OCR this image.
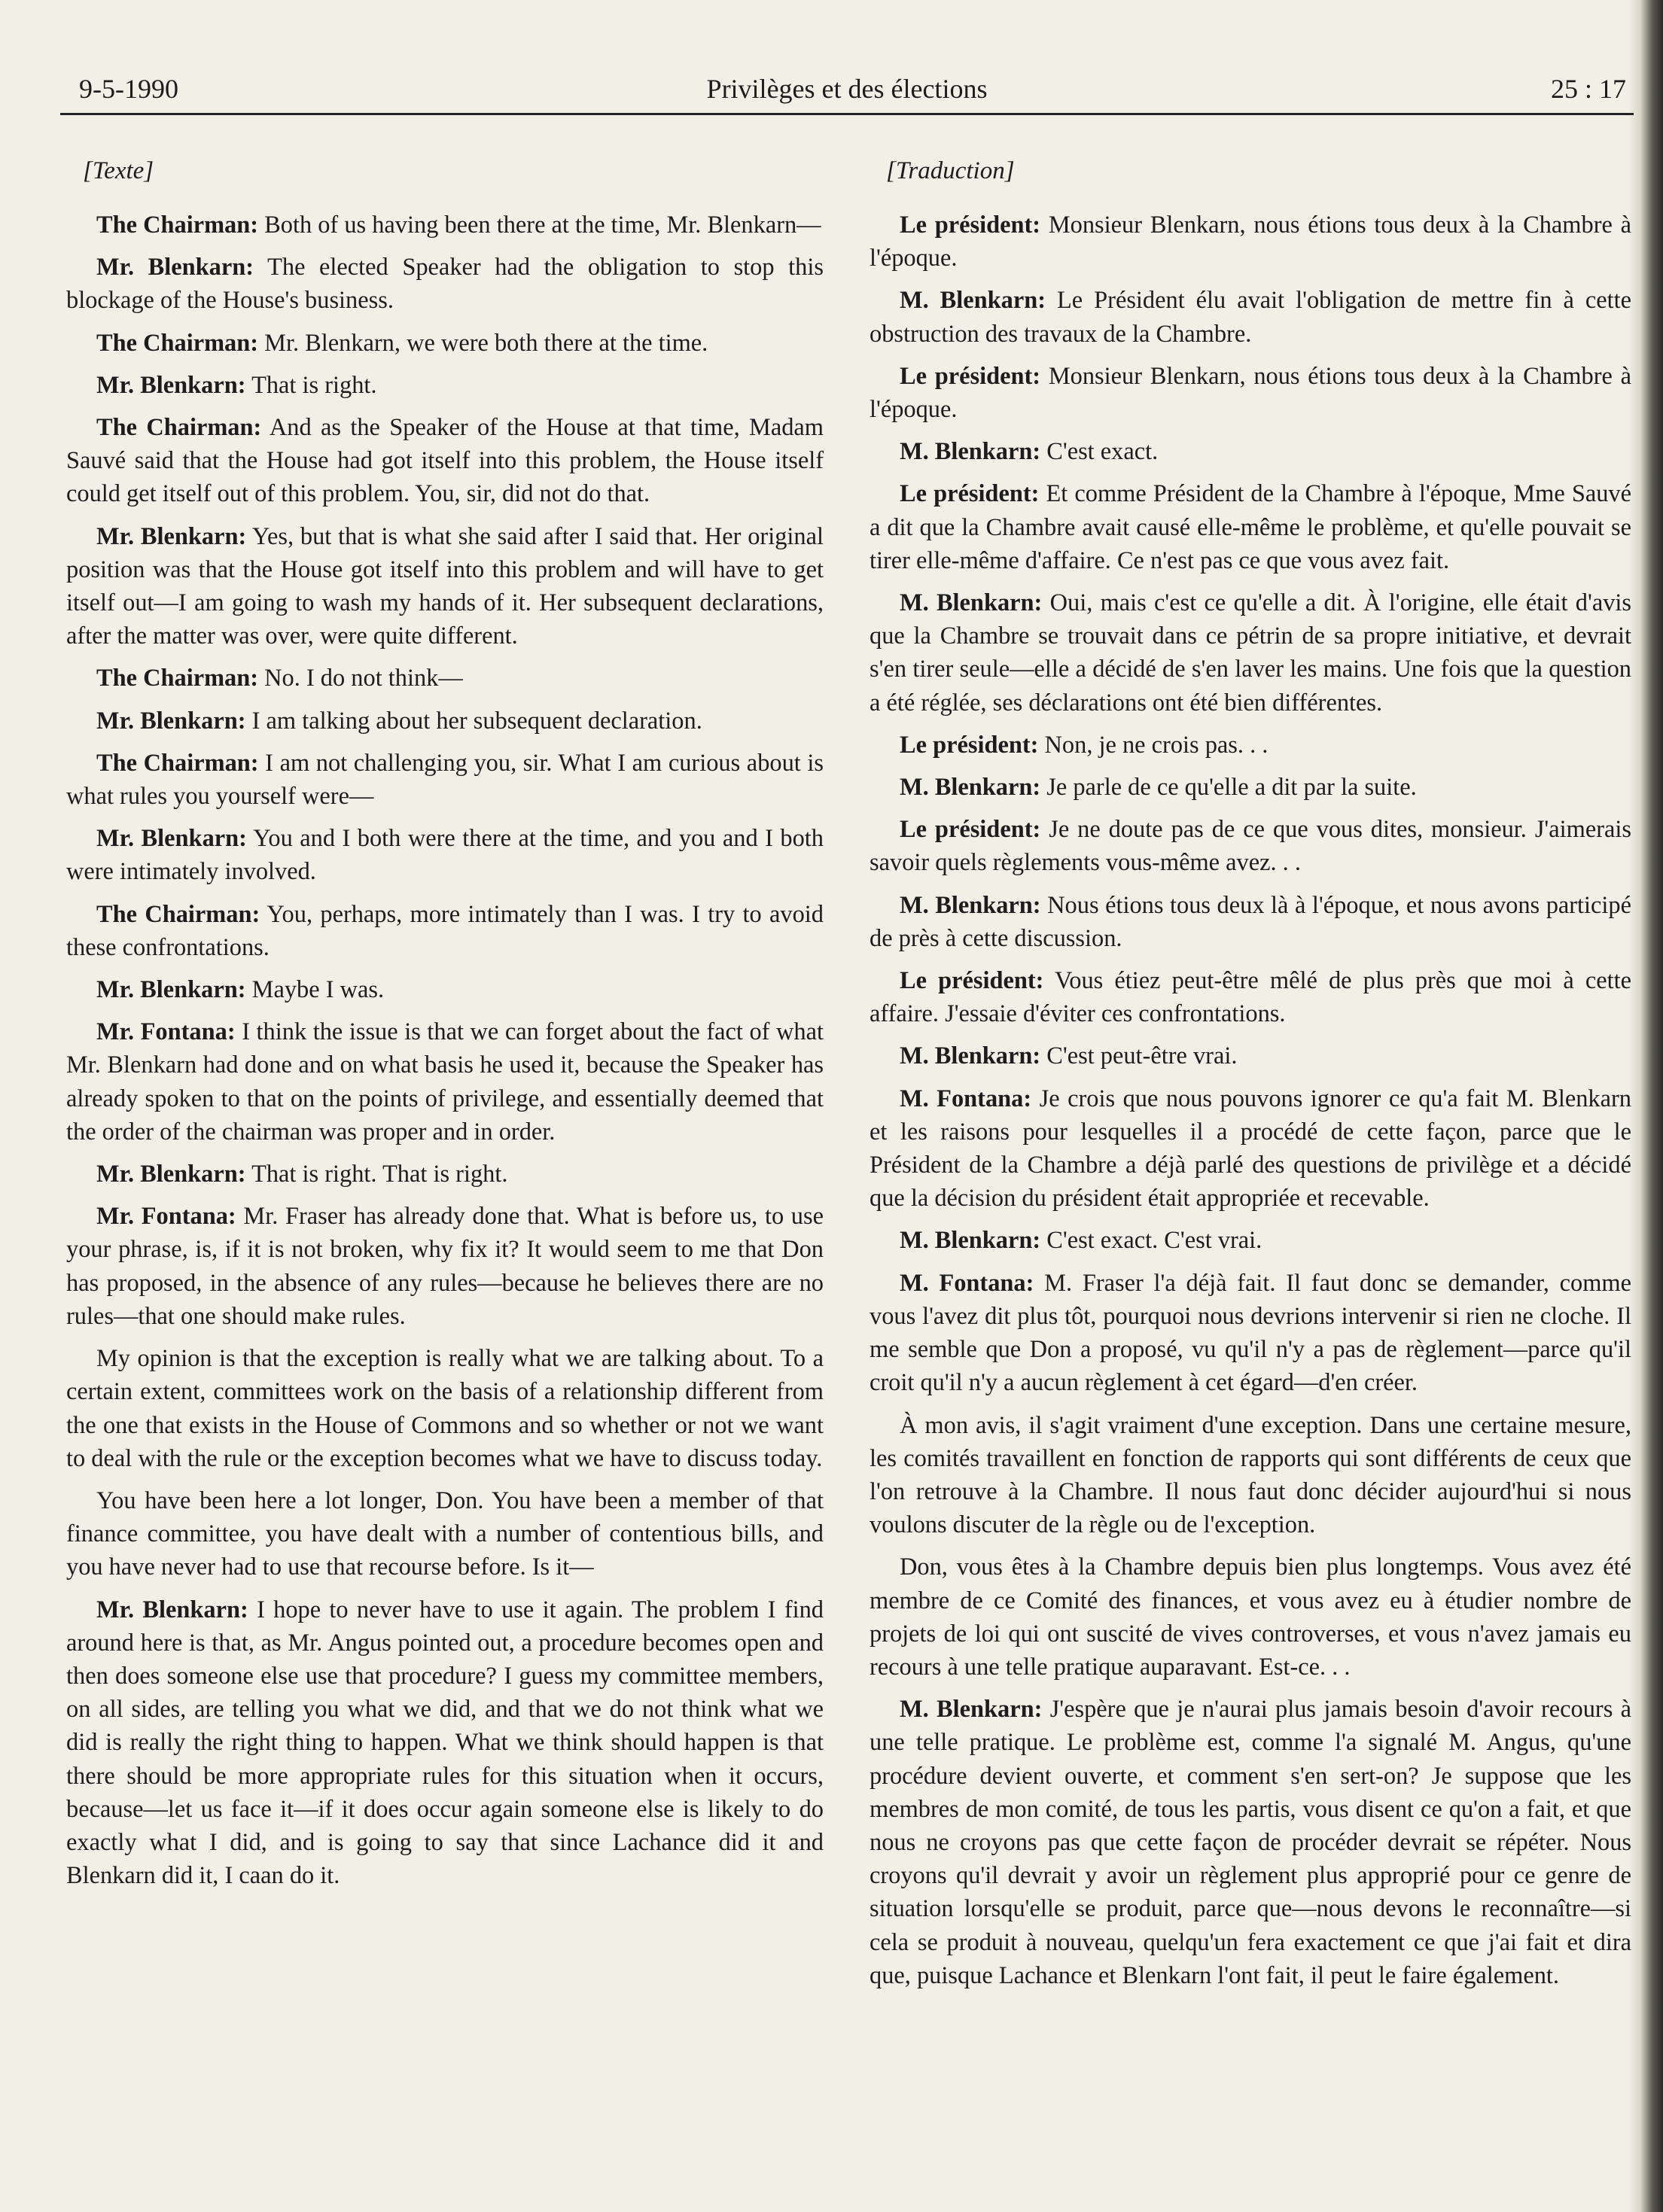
9-5-1990	Privilèges et des élections	25 : 17
[Texte]

The Chairman: Both of us having been there at the time, Mr. Blenkarn—

Mr. Blenkarn: The elected Speaker had the obligation to stop this blockage of the House's business.

The Chairman: Mr. Blenkarn, we were both there at the time.

Mr. Blenkarn: That is right.

The Chairman: And as the Speaker of the House at that time, Madam Sauvé said that the House had got itself into this problem, the House itself could get itself out of this problem. You, sir, did not do that.

Mr. Blenkarn: Yes, but that is what she said after I said that. Her original position was that the House got itself into this problem and will have to get itself out—I am going to wash my hands of it. Her subsequent declarations, after the matter was over, were quite different.

The Chairman: No. I do not think—

Mr. Blenkarn: I am talking about her subsequent declaration.

The Chairman: I am not challenging you, sir. What I am curious about is what rules you yourself were—

Mr. Blenkarn: You and I both were there at the time, and you and I both were intimately involved.

The Chairman: You, perhaps, more intimately than I was. I try to avoid these confrontations.

Mr. Blenkarn: Maybe I was.

Mr. Fontana: I think the issue is that we can forget about the fact of what Mr. Blenkarn had done and on what basis he used it, because the Speaker has already spoken to that on the points of privilege, and essentially deemed that the order of the chairman was proper and in order.

Mr. Blenkarn: That is right. That is right.

Mr. Fontana: Mr. Fraser has already done that. What is before us, to use your phrase, is, if it is not broken, why fix it? It would seem to me that Don has proposed, in the absence of any rules—because he believes there are no rules—that one should make rules.

My opinion is that the exception is really what we are talking about. To a certain extent, committees work on the basis of a relationship different from the one that exists in the House of Commons and so whether or not we want to deal with the rule or the exception becomes what we have to discuss today.

You have been here a lot longer, Don. You have been a member of that finance committee, you have dealt with a number of contentious bills, and you have never had to use that recourse before. Is it—

Mr. Blenkarn: I hope to never have to use it again. The problem I find around here is that, as Mr. Angus pointed out, a procedure becomes open and then does someone else use that procedure? I guess my committee members, on all sides, are telling you what we did, and that we do not think what we did is really the right thing to happen. What we think should happen is that there should be more appropriate rules for this situation when it occurs, because—let us face it—if it does occur again someone else is likely to do exactly what I did, and is going to say that since Lachance did it and Blenkarn did it, I caan do it.

[Traduction]

Le président: Monsieur Blenkarn, nous étions tous deux à la Chambre à l'époque.

M. Blenkarn: Le Président élu avait l'obligation de mettre fin à cette obstruction des travaux de la Chambre.

Le président: Monsieur Blenkarn, nous étions tous deux à la Chambre à l'époque.

M. Blenkarn: C'est exact.

Le président: Et comme Président de la Chambre à l'époque, Mme Sauvé a dit que la Chambre avait causé elle-même le problème, et qu'elle pouvait se tirer elle-même d'affaire. Ce n'est pas ce que vous avez fait.

M. Blenkarn: Oui, mais c'est ce qu'elle a dit. À l'origine, elle était d'avis que la Chambre se trouvait dans ce pétrin de sa propre initiative, et devrait s'en tirer seule—elle a décidé de s'en laver les mains. Une fois que la question a été réglée, ses déclarations ont été bien différentes.

Le président: Non, je ne crois pas. . .

M. Blenkarn: Je parle de ce qu'elle a dit par la suite.

Le président: Je ne doute pas de ce que vous dites, monsieur. J'aimerais savoir quels règlements vous-même avez. . .

M. Blenkarn: Nous étions tous deux là à l'époque, et nous avons participé de près à cette discussion.

Le président: Vous étiez peut-être mêlé de plus près que moi à cette affaire. J'essaie d'éviter ces confrontations.

M. Blenkarn: C'est peut-être vrai.

M. Fontana: Je crois que nous pouvons ignorer ce qu'a fait M. Blenkarn et les raisons pour lesquelles il a procédé de cette façon, parce que le Président de la Chambre a déjà parlé des questions de privilège et a décidé que la décision du président était appropriée et recevable.

M. Blenkarn: C'est exact. C'est vrai.

M. Fontana: M. Fraser l'a déjà fait. Il faut donc se demander, comme vous l'avez dit plus tôt, pourquoi nous devrions intervenir si rien ne cloche. Il me semble que Don a proposé, vu qu'il n'y a pas de règlement—parce qu'il croit qu'il n'y a aucun règlement à cet égard—d'en créer.

À mon avis, il s'agit vraiment d'une exception. Dans une certaine mesure, les comités travaillent en fonction de rapports qui sont différents de ceux que l'on retrouve à la Chambre. Il nous faut donc décider aujourd'hui si nous voulons discuter de la règle ou de l'exception.

Don, vous êtes à la Chambre depuis bien plus longtemps. Vous avez été membre de ce Comité des finances, et vous avez eu à étudier nombre de projets de loi qui ont suscité de vives controverses, et vous n'avez jamais eu recours à une telle pratique auparavant. Est-ce. . .

M. Blenkarn: J'espère que je n'aurai plus jamais besoin d'avoir recours à une telle pratique. Le problème est, comme l'a signalé M. Angus, qu'une procédure devient ouverte, et comment s'en sert-on? Je suppose que les membres de mon comité, de tous les partis, vous disent ce qu'on a fait, et que nous ne croyons pas que cette façon de procéder devrait se répéter. Nous croyons qu'il devrait y avoir un règlement plus approprié pour ce genre de situation lorsqu'elle se produit, parce que—nous devons le reconnaître—si cela se produit à nouveau, quelqu'un fera exactement ce que j'ai fait et dira que, puisque Lachance et Blenkarn l'ont fait, il peut le faire également.
